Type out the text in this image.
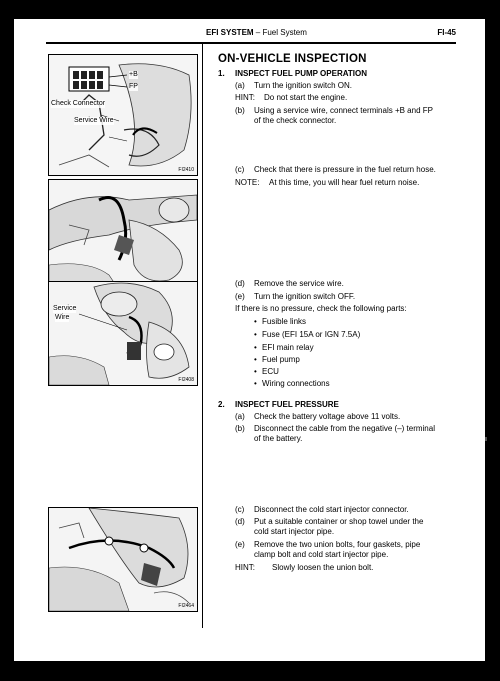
EFI SYSTEM – Fuel System	FI-45
+B
FP
Check Connector
Service Wire
FI2410
Service
Wire
FI2408
FI2464
ON-VEHICLE INSPECTION
1. INSPECT FUEL PUMP OPERATION
(a) Turn the ignition switch ON.
HINT: Do not start the engine.
(b) Using a service wire, connect terminals +B and FP
of the check connector.
(c) Check that there is pressure in the fuel return hose.
NOTE: At this time, you will hear fuel return noise.
(d) Remove the service wire.
(e) Turn the ignition switch OFF.
If there is no pressure, check the following parts:
• Fusible links
• Fuse (EFI 15A or IGN 7.5A)
• EFI main relay
• Fuel pump
• ECU
• Wiring connections
2. INSPECT FUEL PRESSURE
(a) Check the battery voltage above 11 volts.
(b) Disconnect the cable from the negative (–) terminal
of the battery.
(c) Disconnect the cold start injector connector.
(d) Put a suitable container or shop towel under the
cold start injector pipe.
(e) Remove the two union bolts, four gaskets, pipe
clamp bolt and cold start injector pipe.
HINT: Slowly loosen the union bolt.
